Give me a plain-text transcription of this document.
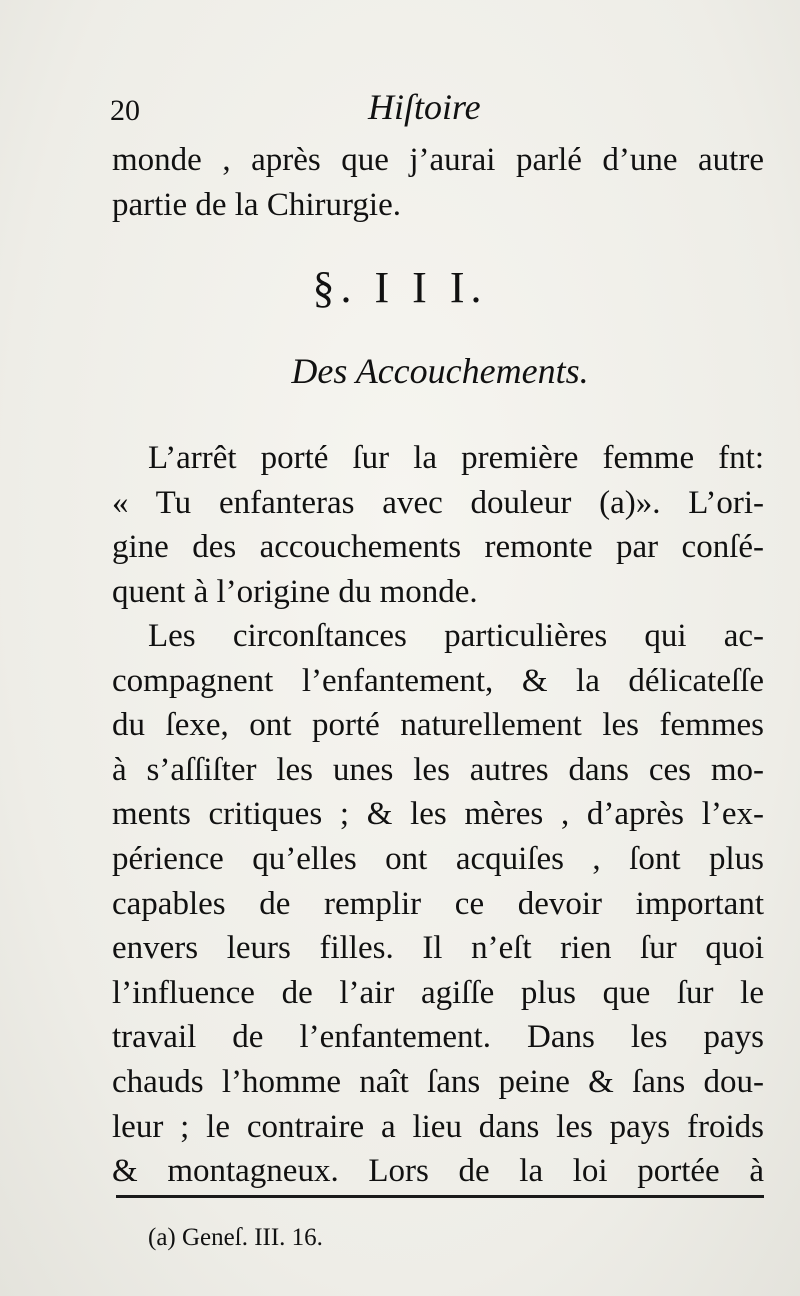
20	Hiſtoire
monde , après que j’aurai parlé d’une autre
partie de la Chirurgie.
§. I I I.
Des Accouchements.
L’arrêt porté ſur la première femme fnt:
« Tu enfanteras avec douleur (a)». L’ori-
gine des accouchements remonte par conſé-
quent à l’origine du monde.
Les circonſtances particulières qui ac-
compagnent l’enfantement, & la délicateſſe
du ſexe, ont porté naturellement les femmes
à s’aſſiſter les unes les autres dans ces mo-
ments critiques ; & les mères , d’après l’ex-
périence qu’elles ont acquiſes , ſont plus
capables de remplir ce devoir important
envers leurs filles. Il n’eſt rien ſur quoi
l’influence de l’air agiſſe plus que ſur le
travail de l’enfantement. Dans les pays
chauds l’homme naît ſans peine & ſans dou-
leur ; le contraire a lieu dans les pays froids
& montagneux. Lors de la loi portée à
(a) Geneſ. III. 16.
